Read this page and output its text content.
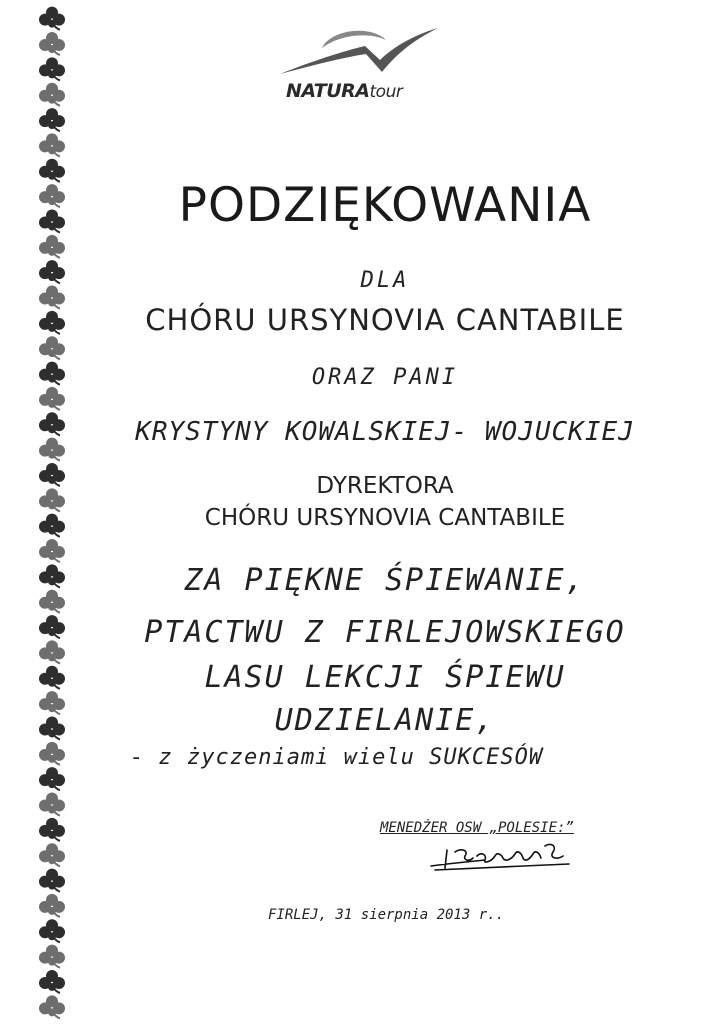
NATURAtour
PODZIĘKOWANIA
DLA
CHÓRU URSYNOVIA CANTABILE
ORAZ PANI
KRYSTYNY KOWALSKIEJ- WOJUCKIEJ
DYREKTORA
CHÓRU URSYNOVIA CANTABILE
ZA PIĘKNE ŚPIEWANIE,
PTACTWU Z FIRLEJOWSKIEGO
LASU LEKCJI ŚPIEWU
UDZIELANIE,
- z życzeniami wielu SUKCESÓW
MENEDŻER OSW „POLESIE:”
FIRLEJ, 31 sierpnia 2013 r..
